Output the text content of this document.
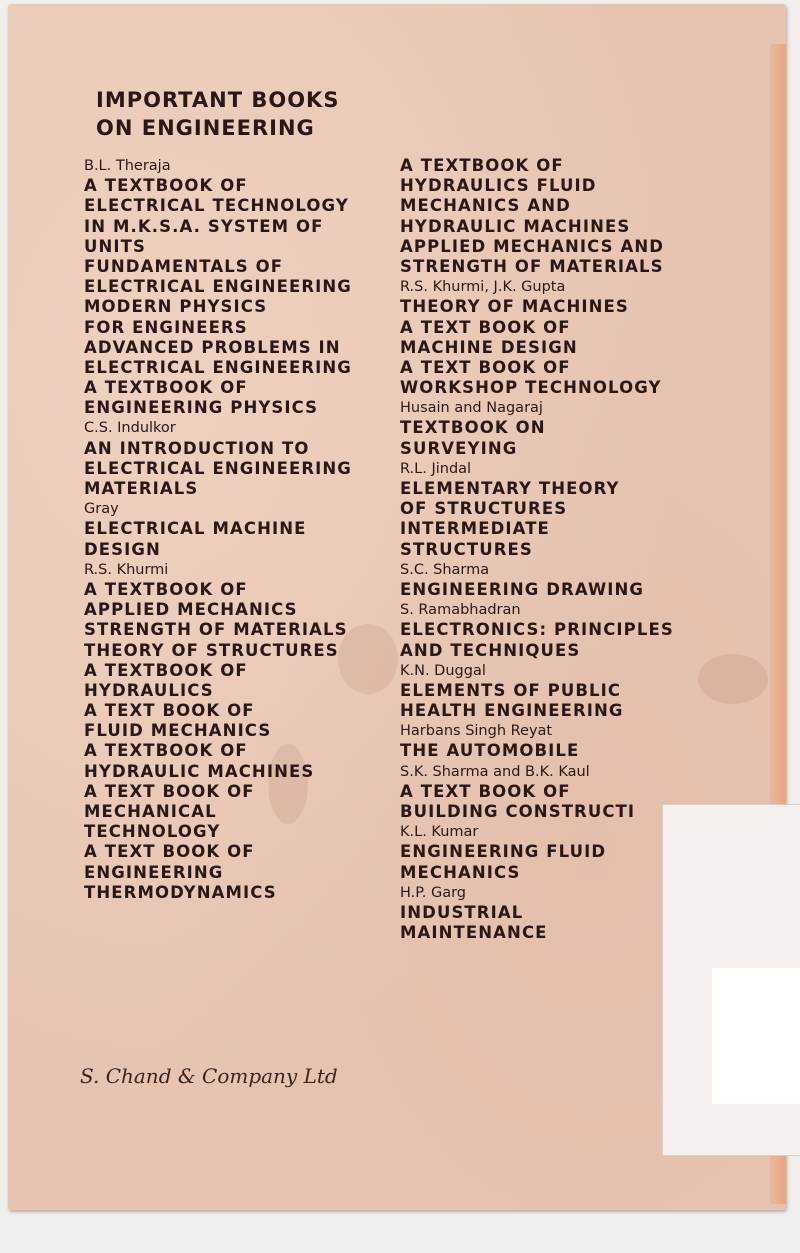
IMPORTANT BOOKS
ON ENGINEERING
B.L. Theraja
A TEXTBOOK OF
ELECTRICAL TECHNOLOGY
IN M.K.S.A. SYSTEM OF
UNITS
FUNDAMENTALS OF
ELECTRICAL ENGINEERING
MODERN PHYSICS
FOR ENGINEERS
ADVANCED PROBLEMS IN
ELECTRICAL ENGINEERING
A TEXTBOOK OF
ENGINEERING PHYSICS
C.S. Indulkor
AN INTRODUCTION TO
ELECTRICAL ENGINEERING
MATERIALS
Gray
ELECTRICAL MACHINE
DESIGN
R.S. Khurmi
A TEXTBOOK OF
APPLIED MECHANICS
STRENGTH OF MATERIALS
THEORY OF STRUCTURES
A TEXTBOOK OF
HYDRAULICS
A TEXT BOOK OF
FLUID MECHANICS
A TEXTBOOK OF
HYDRAULIC MACHINES
A TEXT BOOK OF
MECHANICAL
TECHNOLOGY
A TEXT BOOK OF
ENGINEERING
THERMODYNAMICS
A TEXTBOOK OF
HYDRAULICS FLUID
MECHANICS AND
HYDRAULIC MACHINES
APPLIED MECHANICS AND
STRENGTH OF MATERIALS
R.S. Khurmi, J.K. Gupta
THEORY OF MACHINES
A TEXT BOOK OF
MACHINE DESIGN
A TEXT BOOK OF
WORKSHOP TECHNOLOGY
Husain and Nagaraj
TEXTBOOK ON
SURVEYING
R.L. Jindal
ELEMENTARY THEORY
OF STRUCTURES
INTERMEDIATE
STRUCTURES
S.C. Sharma
ENGINEERING DRAWING
S. Ramabhadran
ELECTRONICS: PRINCIPLES
AND TECHNIQUES
K.N. Duggal
ELEMENTS OF PUBLIC
HEALTH ENGINEERING
Harbans Singh Reyat
THE AUTOMOBILE
S.K. Sharma and B.K. Kaul
A TEXT BOOK OF
BUILDING CONSTRUCTI
K.L. Kumar
ENGINEERING FLUID
MECHANICS
H.P. Garg
INDUSTRIAL
MAINTENANCE
S. Chand & Company Ltd
